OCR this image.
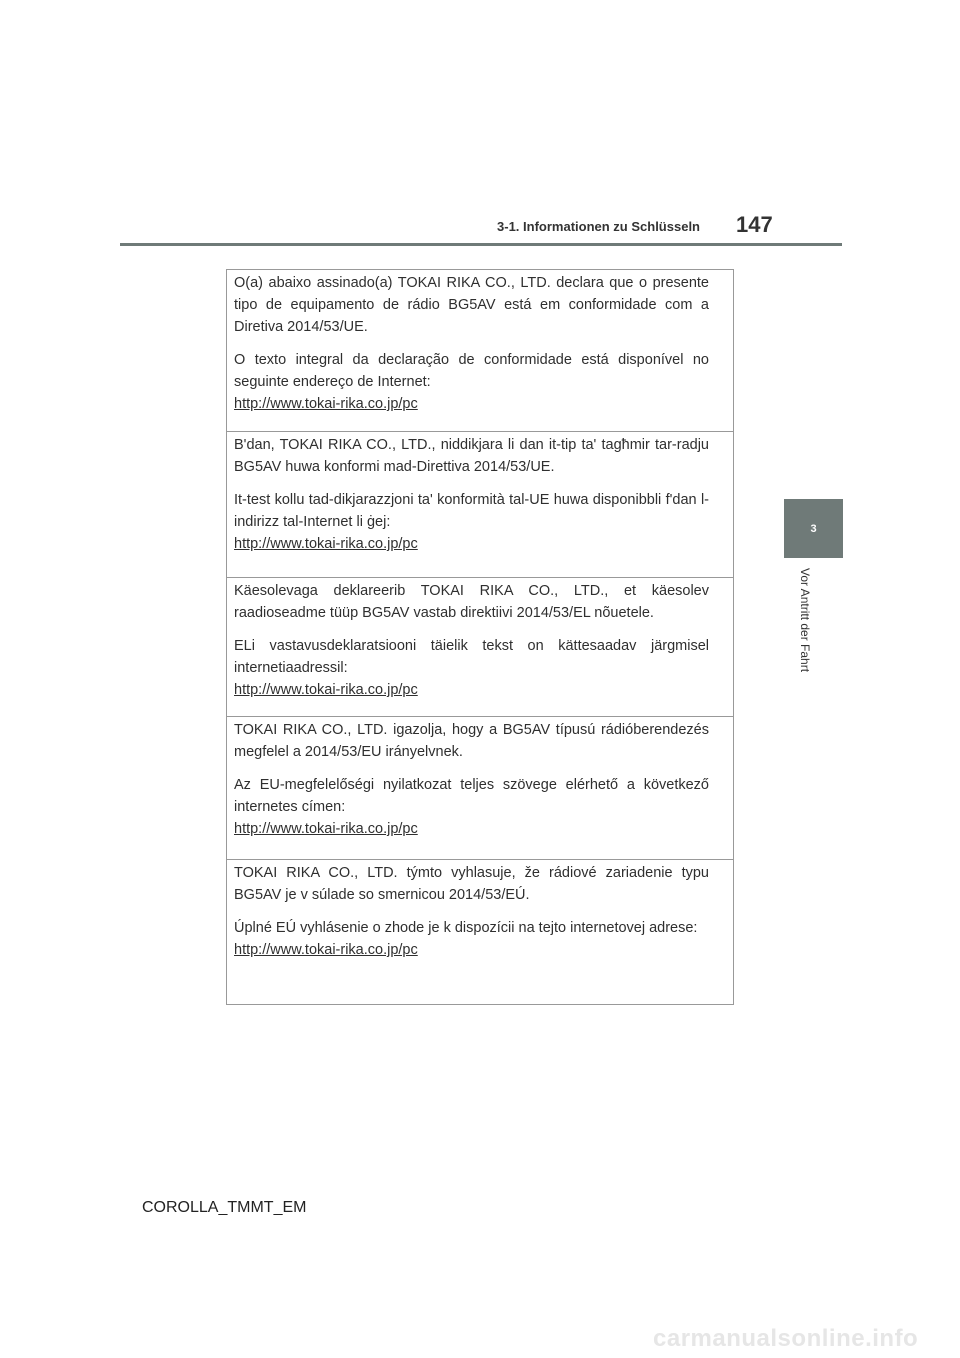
3-1. Informationen zu Schlüsseln 147
3
Vor Antritt der Fahrt

O(a) abaixo assinado(a) TOKAI RIKA CO., LTD. declara que o presente tipo de equipamento de rádio BG5AV está em conformidade com a Diretiva 2014/53/UE.

O texto integral da declaração de conformidade está disponível no seguinte endereço de Internet:

http://www.tokai-rika.co.jp/pc

B'dan, TOKAI RIKA CO., LTD., niddikjara li dan it-tip ta' tagħmir tar-radju BG5AV huwa konformi mad-Direttiva 2014/53/UE.

It-test kollu tad-dikjarazzjoni ta' konformità tal-UE huwa disponibbli f'dan l-indirizz tal-Internet li ġej:

http://www.tokai-rika.co.jp/pc

Käesolevaga deklareerib TOKAI RIKA CO., LTD., et käesolev raadioseadme tüüp BG5AV vastab direktiivi 2014/53/EL nõuetele.

ELi vastavusdeklaratsiooni täielik tekst on kättesaadav järgmisel internetiaadressil:

http://www.tokai-rika.co.jp/pc

TOKAI RIKA CO., LTD. igazolja, hogy a BG5AV típusú rádióberendezés megfelel a 2014/53/EU irányelvnek.

Az EU-megfelelőségi nyilatkozat teljes szövege elérhető a következő internetes címen:

http://www.tokai-rika.co.jp/pc

TOKAI RIKA CO., LTD. týmto vyhlasuje, že rádiové zariadenie typu BG5AV je v súlade so smernicou 2014/53/EÚ.

Úplné EÚ vyhlásenie o zhode je k dispozícii na tejto internetovej adrese:

http://www.tokai-rika.co.jp/pc

COROLLA_TMMT_EM
carmanualsonline.info
